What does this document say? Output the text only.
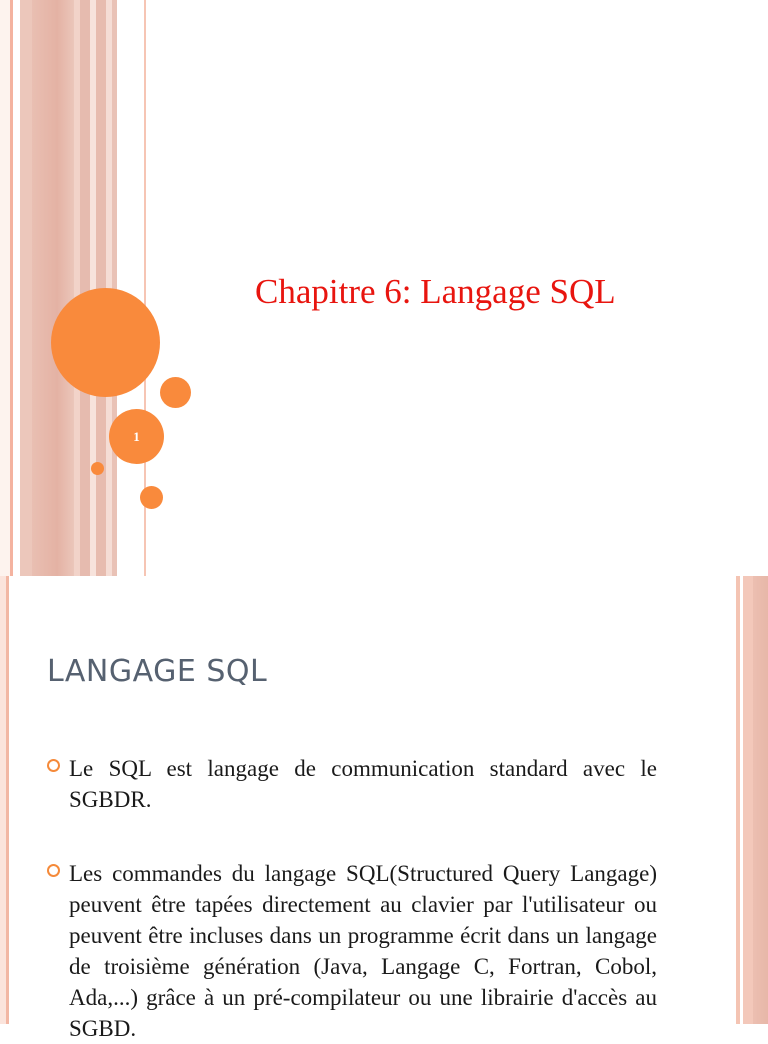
1
Chapitre 6: Langage SQL
LANGAGE SQL
Le SQL est langage de communication standard avec le SGBDR.
Les commandes du langage SQL(Structured Query Langage) peuvent être tapées directement au clavier par l'utilisateur ou peuvent être incluses dans un programme écrit dans un langage de troisième génération (Java, Langage C, Fortran, Cobol, Ada,...) grâce à un pré-compilateur ou une librairie d'accès au SGBD.
